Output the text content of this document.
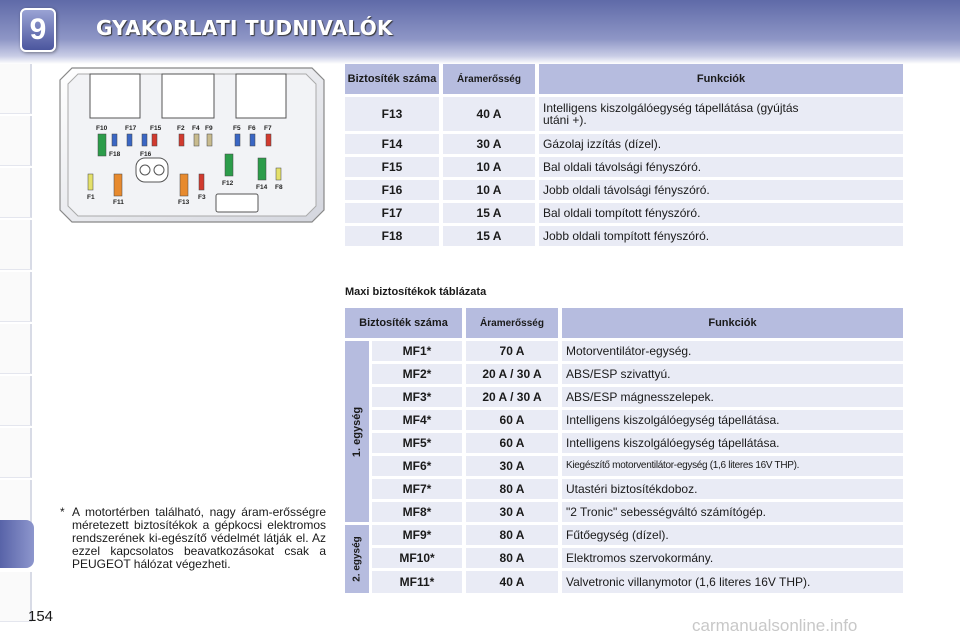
9	GYAKORLATI TUDNIVALÓK
F10	F17 F15 F2 F4 F9	F5 F6 F7
F18	F16
F12
F14 F8
F1
F11	F13
F3
Biztosíték száma	Áramerősség	Funkciók
F13	40 A	Intelligens kiszolgálóegység tápellátása (gyújtás utáni +).
F14	30 A	Gázolaj izzítás (dízel).
F15	10 A	Bal oldali távolsági fényszóró.
F16	10 A	Jobb oldali távolsági fényszóró.
F17	15 A	Bal oldali tompított fényszóró.
F18	15 A	Jobb oldali tompított fényszóró.
Maxi biztosítékok táblázata
Biztosíték száma	Áramerősség	Funkciók
1. egység
2. egység
MF1*	70 A	Motorventilátor-egység.
MF2*	20 A / 30 A	ABS/ESP szivattyú.
MF3*	20 A / 30 A	ABS/ESP mágnesszelepek.
MF4*	60 A	Intelligens kiszolgálóegység tápellátása.
MF5*	60 A	Intelligens kiszolgálóegység tápellátása.
MF6*	30 A	Kiegészítő motorventilátor-egység (1,6 literes 16V THP).
MF7*	80 A	Utastéri biztosítékdoboz.
MF8*	30 A	"2 Tronic" sebességváltó számítógép.
MF9*	80 A	Fűtőegység (dízel).
MF10*	80 A	Elektromos szervokormány.
MF11*	40 A	Valvetronic villanymotor (1,6 literes 16V THP).
* A motortérben található, nagy áram-erősségre méretezett biztosítékok a gépkocsi elektromos rendszerének ki-egészítő védelmét látják el. Az ezzel kapcsolatos beavatkozásokat csak a PEUGEOT hálózat végezheti.
154	carmanualsonline.info
